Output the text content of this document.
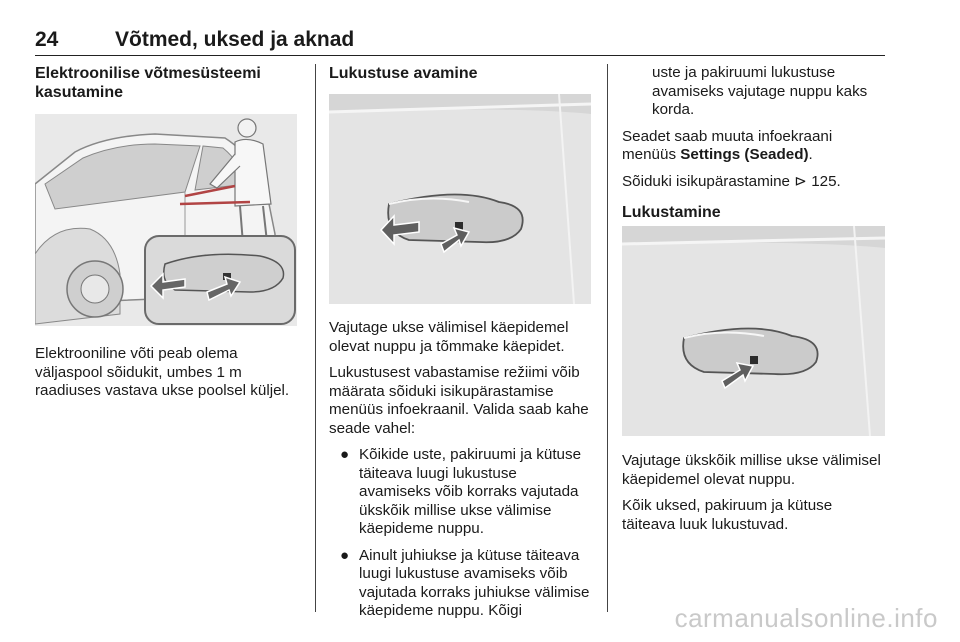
24	Võtmed, uksed ja aknad
Elektroonilise võtmesüsteemi kasutamine

Elektrooniline võti peab olema väljaspool sõidukit, umbes 1 m raadiuses vastava ukse poolsel küljel.

Lukustuse avamine

Vajutage ukse välimisel käepidemel olevat nuppu ja tõmmake käepidet.

Lukustusest vabastamise režiimi võib määrata sõiduki isikupärastamise menüüs infoekraanil. Valida saab kahe seade vahel:

● Kõikide uste, pakiruumi ja kütuse täiteava luugi lukustuse avamiseks võib korraks vajutada ükskõik millise ukse välimise käepideme nuppu.
● Ainult juhiukse ja kütuse täiteava luugi lukustuse avamiseks võib vajutada korraks juhiukse välimise käepideme nuppu. Kõigi

uste ja pakiruumi lukustuse avamiseks vajutage nuppu kaks korda.

Seadet saab muuta infoekraani menüüs Settings (Seaded).

Sõiduki isikupärastamine ⊳ 125.

Lukustamine

Vajutage ükskõik millise ukse välimisel käepidemel olevat nuppu.

Kõik uksed, pakiruum ja kütuse täiteava luuk lukustuvad.

carmanualsonline.info
